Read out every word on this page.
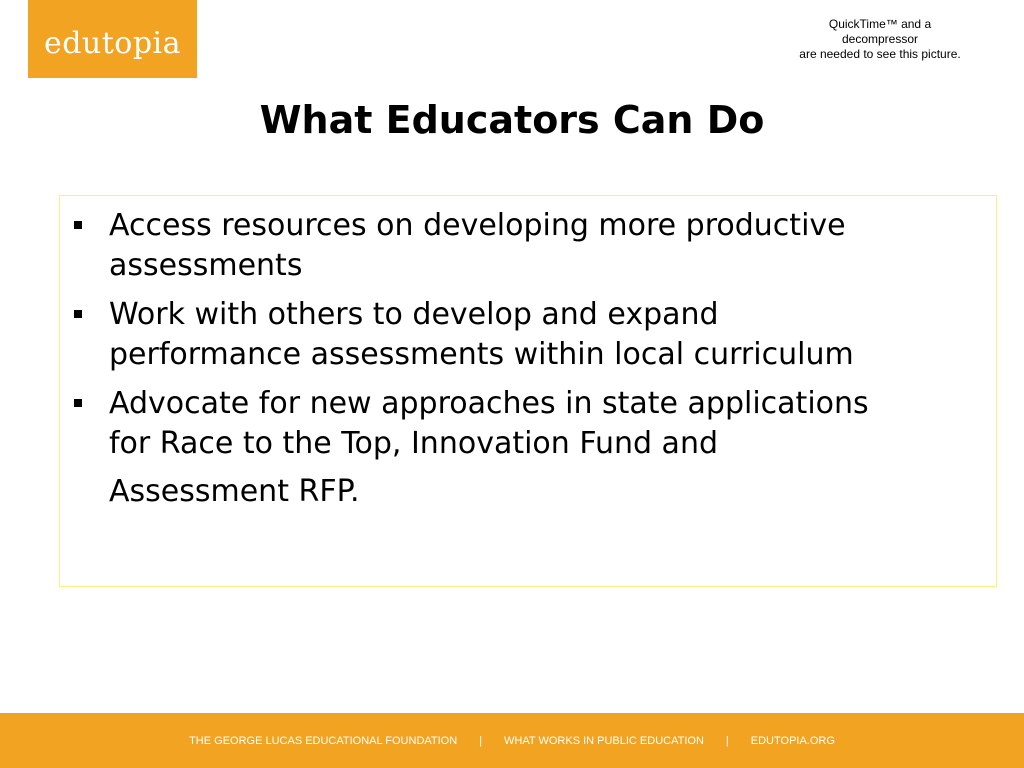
edutopia
QuickTime™ and a
decompressor
are needed to see this picture.
What Educators Can Do
Access resources on developing more productive
assessments
Work with others to develop and expand
performance assessments within local curriculum
Advocate for new approaches in state applications
for Race to the Top, Innovation Fund and
Assessment RFP.
THE GEORGE LUCAS EDUCATIONAL FOUNDATION	|	WHAT WORKS IN PUBLIC EDUCATION	|	EDUTOPIA.ORG
